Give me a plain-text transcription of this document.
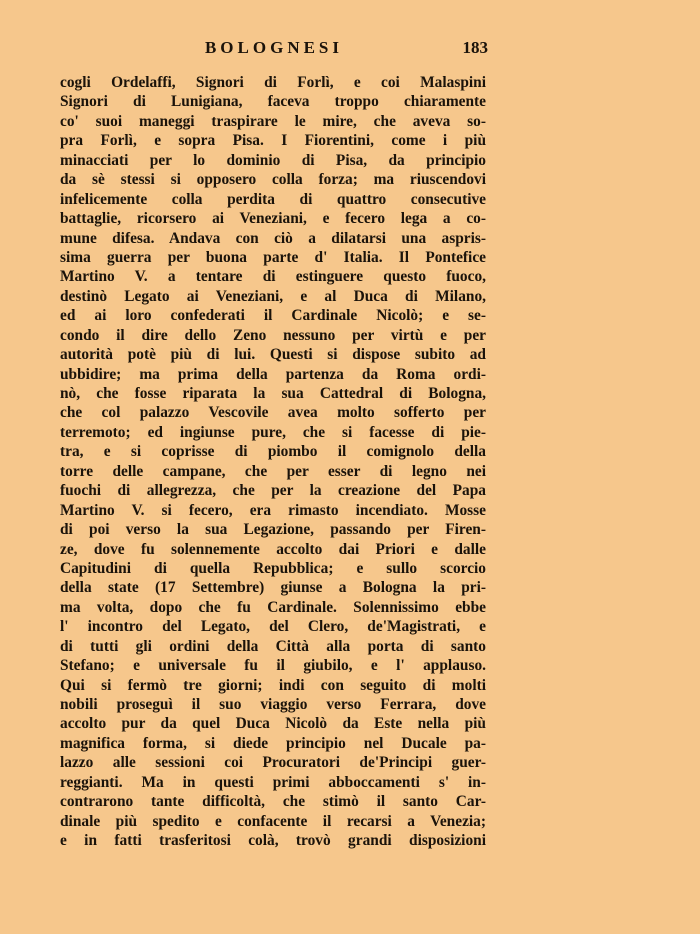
BOLOGNESI	183
cogli Ordelaffi, Signori di Forlì, e coi Malaspini
Signori di Lunigiana, faceva troppo chiaramente
co' suoi maneggi traspirare le mire, che aveva so-
pra Forlì, e sopra Pisa. I Fiorentini, come i più
minacciati per lo dominio di Pisa, da principio
da sè stessi si opposero colla forza; ma riuscendovi
infelicemente colla perdita di quattro consecutive
battaglie, ricorsero ai Veneziani, e fecero lega a co-
mune difesa. Andava con ciò a dilatarsi una aspris-
sima guerra per buona parte d' Italia. Il Pontefice
Martino V. a tentare di estinguere questo fuoco,
destinò Legato ai Veneziani, e al Duca di Milano,
ed ai loro confederati il Cardinale Nicolò; e se-
condo il dire dello Zeno nessuno per virtù e per
autorità potè più di lui. Questi si dispose subito ad
ubbidire; ma prima della partenza da Roma ordi-
nò, che fosse riparata la sua Cattedral di Bologna,
che col palazzo Vescovile avea molto sofferto per
terremoto; ed ingiunse pure, che si facesse di pie-
tra, e si coprisse di piombo il comignolo della
torre delle campane, che per esser di legno nei
fuochi di allegrezza, che per la creazione del Papa
Martino V. si fecero, era rimasto incendiato. Mosse
di poi verso la sua Legazione, passando per Firen-
ze, dove fu solennemente accolto dai Priori e dalle
Capitudini di quella Repubblica; e sullo scorcio
della state (17 Settembre) giunse a Bologna la pri-
ma volta, dopo che fu Cardinale. Solennissimo ebbe
l' incontro del Legato, del Clero, de'Magistrati, e
di tutti gli ordini della Città alla porta di santo
Stefano; e universale fu il giubilo, e l' applauso.
Qui si fermò tre giorni; indi con seguito di molti
nobili proseguì il suo viaggio verso Ferrara, dove
accolto pur da quel Duca Nicolò da Este nella più
magnifica forma, si diede principio nel Ducale pa-
lazzo alle sessioni coi Procuratori de'Principi guer-
reggianti. Ma in questi primi abboccamenti s' in-
contrarono tante difficoltà, che stimò il santo Car-
dinale più spedito e confacente il recarsi a Venezia;
e in fatti trasferitosi colà, trovò grandi disposizioni
